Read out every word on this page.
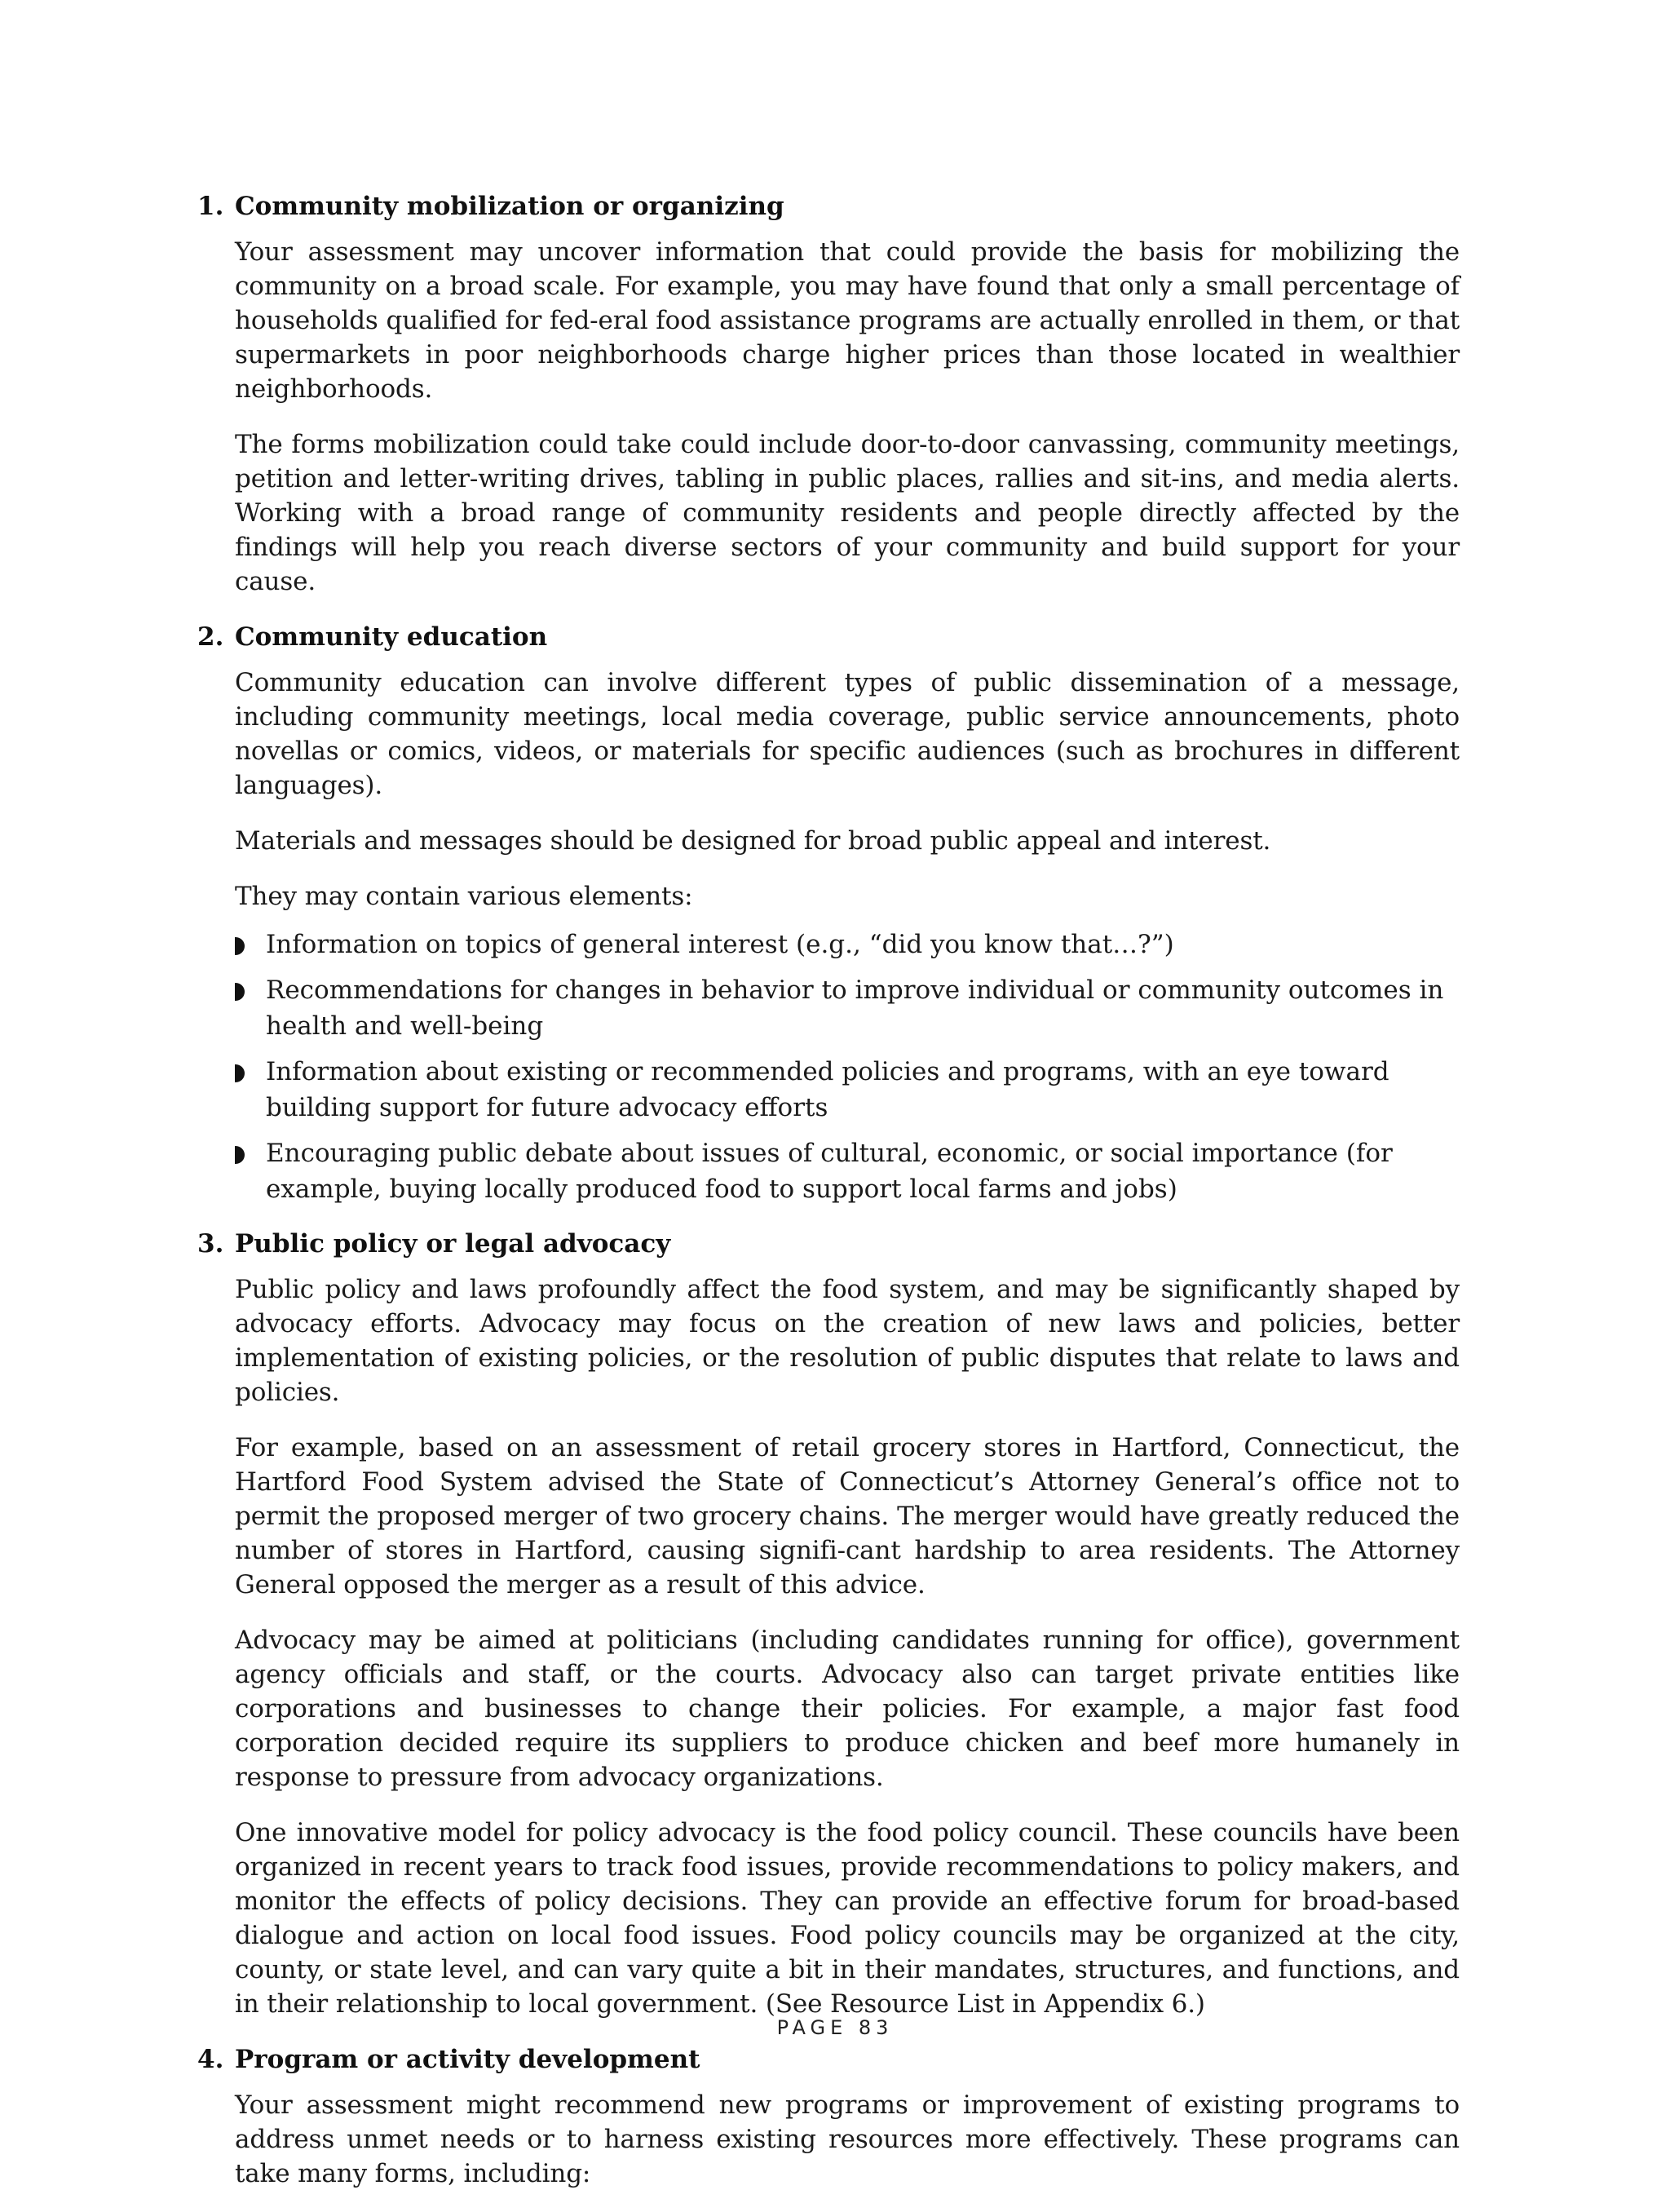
1. Community mobilization or organizing

Your assessment may uncover information that could provide the basis for mobilizing the community on a broad scale. For example, you may have found that only a small percentage of households qualified for fed-eral food assistance programs are actually enrolled in them, or that supermarkets in poor neighborhoods charge higher prices than those located in wealthier neighborhoods.

The forms mobilization could take could include door-to-door canvassing, community meetings, petition and letter-writing drives, tabling in public places, rallies and sit-ins, and media alerts. Working with a broad range of community residents and people directly affected by the findings will help you reach diverse sectors of your community and build support for your cause.

2. Community education

Community education can involve different types of public dissemination of a message, including community meetings, local media coverage, public service announcements, photo novellas or comics, videos, or materials for specific audiences (such as brochures in different languages).

Materials and messages should be designed for broad public appeal and interest.

They may contain various elements:

Information on topics of general interest (e.g., “did you know that…?”)
Recommendations for changes in behavior to improve individual or community outcomes in health and well-being
Information about existing or recommended policies and programs, with an eye toward building support for future advocacy efforts
Encouraging public debate about issues of cultural, economic, or social importance (for example, buying locally produced food to support local farms and jobs)
3. Public policy or legal advocacy

Public policy and laws profoundly affect the food system, and may be significantly shaped by advocacy efforts. Advocacy may focus on the creation of new laws and policies, better implementation of existing policies, or the resolution of public disputes that relate to laws and policies.

For example, based on an assessment of retail grocery stores in Hartford, Connecticut, the Hartford Food System advised the State of Connecticut’s Attorney General’s office not to permit the proposed merger of two grocery chains. The merger would have greatly reduced the number of stores in Hartford, causing signifi-cant hardship to area residents. The Attorney General opposed the merger as a result of this advice.

Advocacy may be aimed at politicians (including candidates running for office), government agency officials and staff, or the courts. Advocacy also can target private entities like corporations and businesses to change their policies. For example, a major fast food corporation decided require its suppliers to produce chicken and beef more humanely in response to pressure from advocacy organizations.

One innovative model for policy advocacy is the food policy council. These councils have been organized in recent years to track food issues, provide recommendations to policy makers, and monitor the effects of policy decisions. They can provide an effective forum for broad-based dialogue and action on local food issues. Food policy councils may be organized at the city, county, or state level, and can vary quite a bit in their mandates, structures, and functions, and in their relationship to local government. (See Resource List in Appendix 6.)

4. Program or activity development

Your assessment might recommend new programs or improvement of existing programs to address unmet needs or to harness existing resources more effectively. These programs can take many forms, including:

PAGE 83
